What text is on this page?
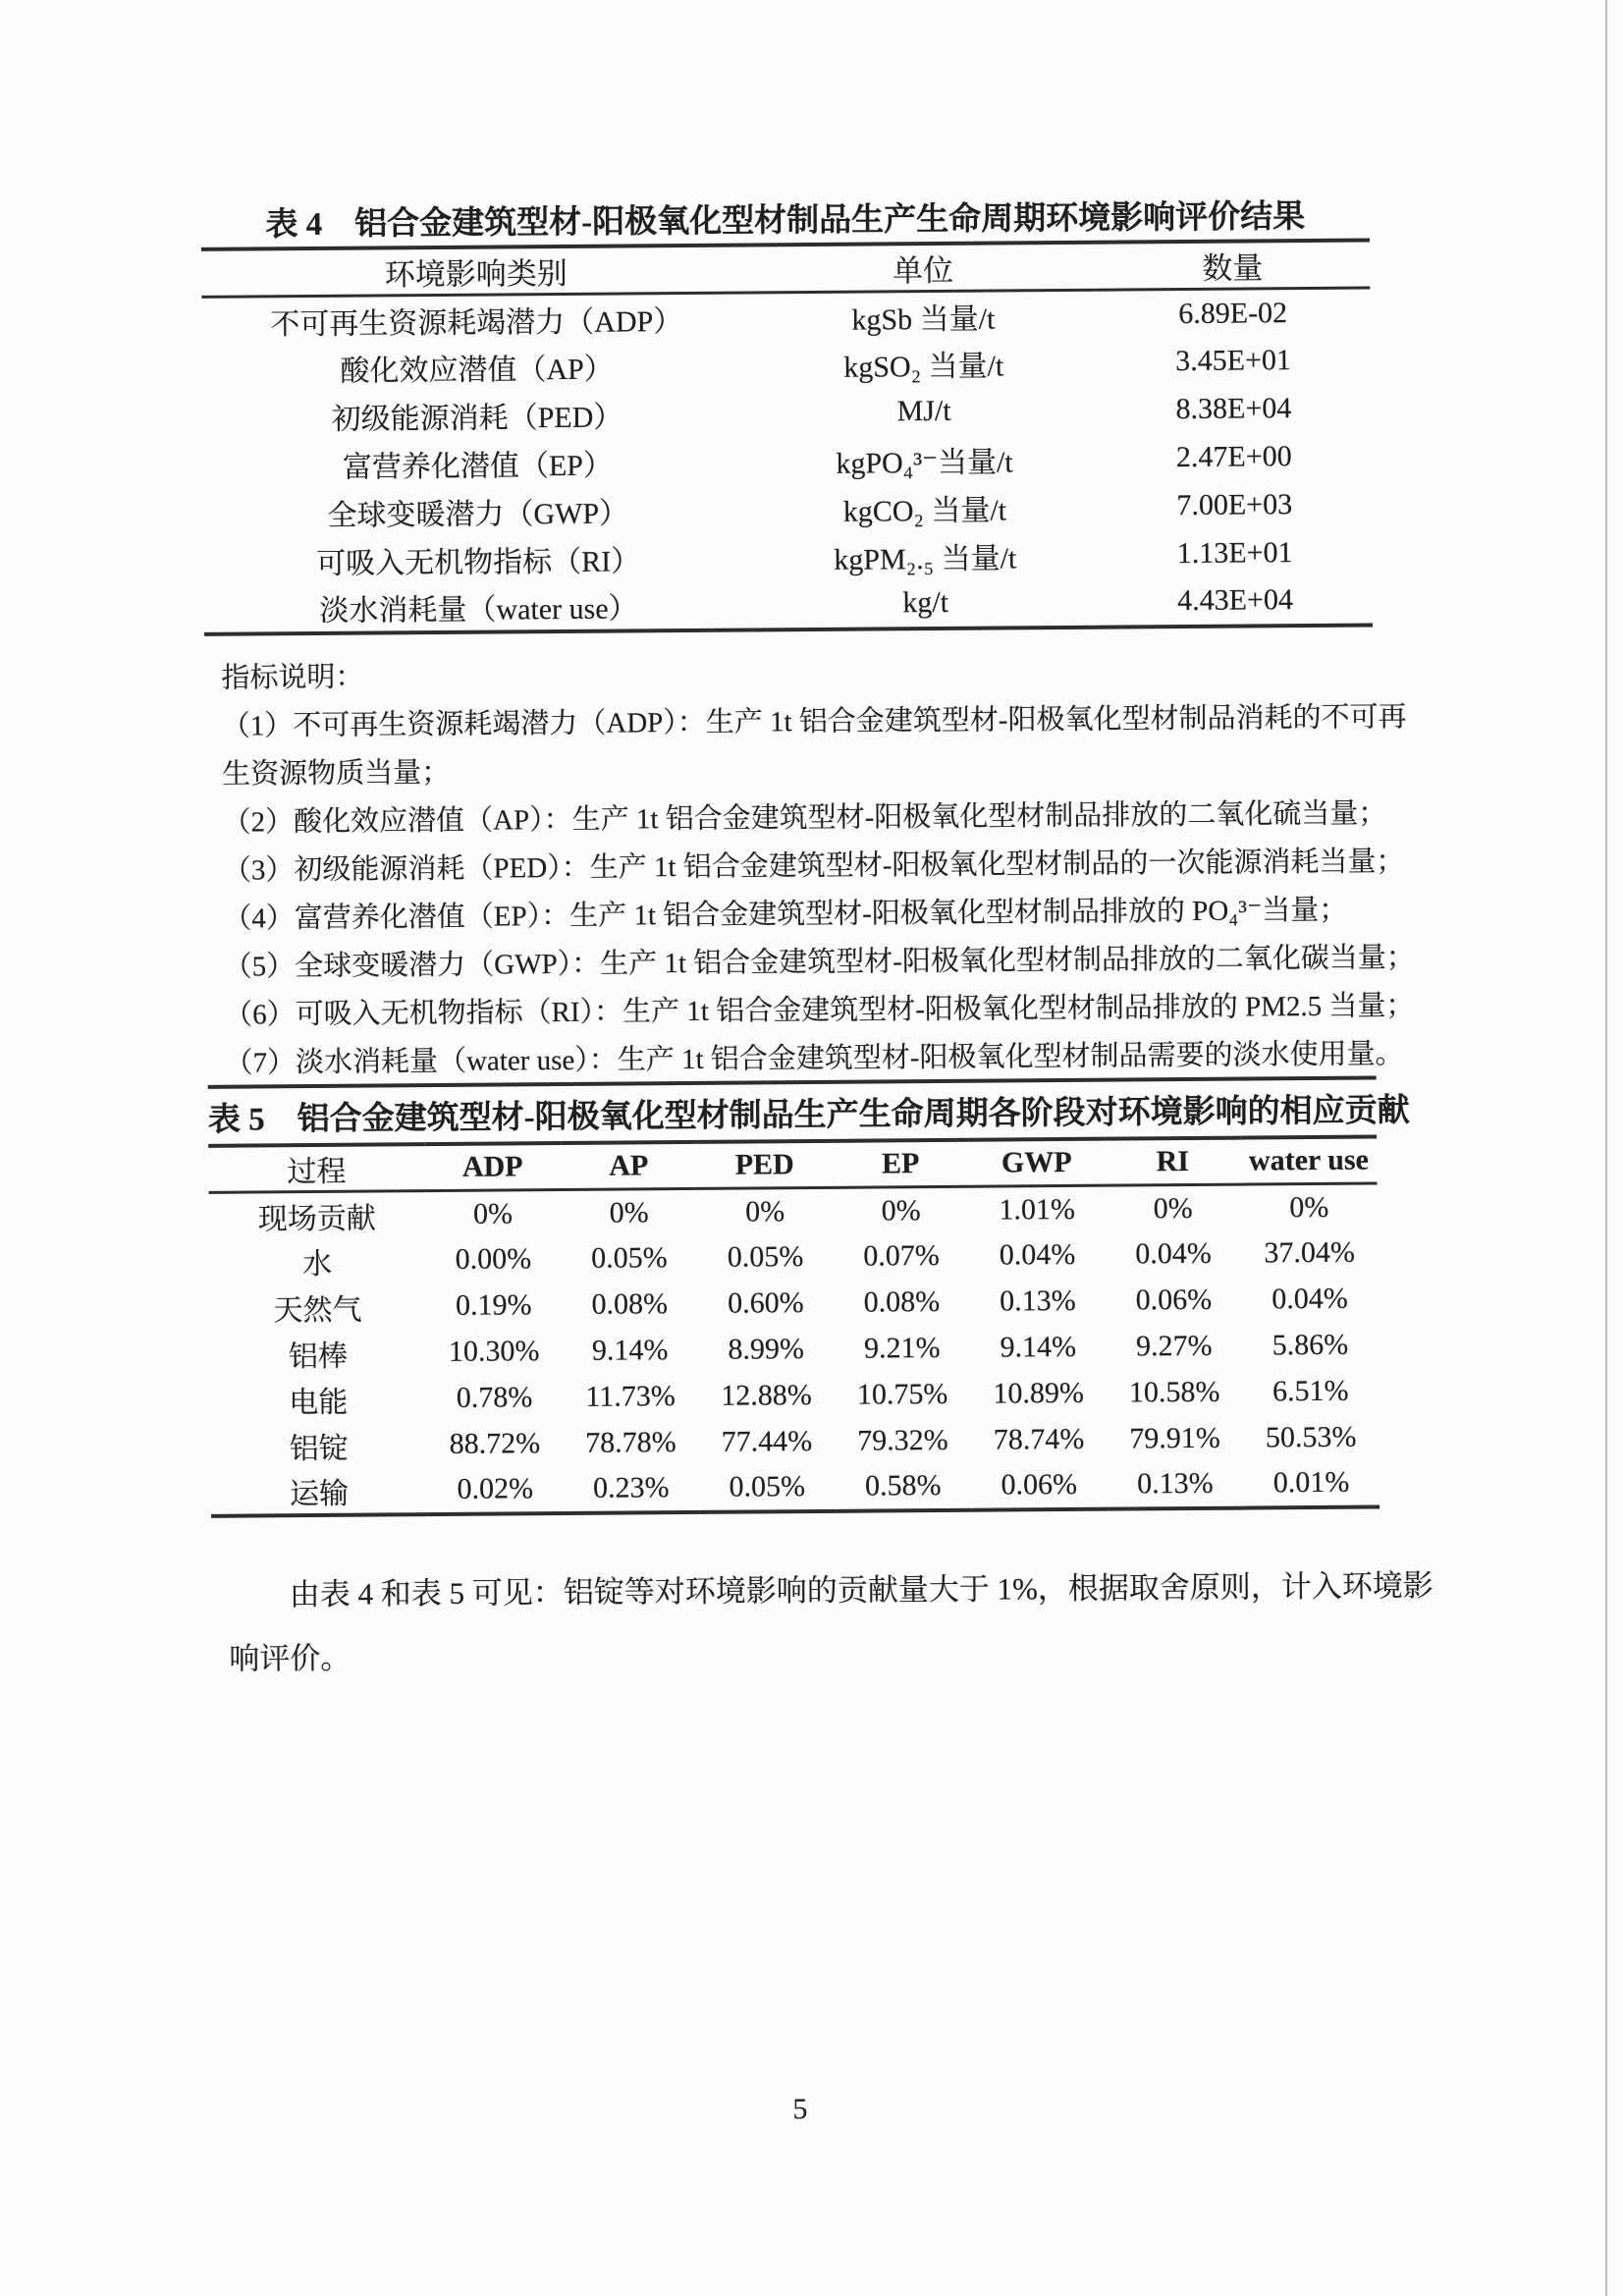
表 4　铝合金建筑型材-阳极氧化型材制品生产生命周期环境影响评价结果
环境影响类别	单位	数量
不可再生资源耗竭潜力（ADP）	kgSb 当量/t	6.89E-02
酸化效应潜值（AP）	kgSO₂ 当量/t	3.45E+01
初级能源消耗（PED）	MJ/t	8.38E+04
富营养化潜值（EP）	kgPO₄³⁻当量/t	2.47E+00
全球变暖潜力（GWP）	kgCO₂ 当量/t	7.00E+03
可吸入无机物指标（RI）	kgPM₂.₅ 当量/t	1.13E+01
淡水消耗量（water use）	kg/t	4.43E+04

指标说明：

（1）不可再生资源耗竭潜力（ADP）：生产 1t 铝合金建筑型材-阳极氧化型材制品消耗的不可再生资源物质当量；

（2）酸化效应潜值（AP）：生产 1t 铝合金建筑型材-阳极氧化型材制品排放的二氧化硫当量；

（3）初级能源消耗（PED）：生产 1t 铝合金建筑型材-阳极氧化型材制品的一次能源消耗当量；

（4）富营养化潜值（EP）：生产 1t 铝合金建筑型材-阳极氧化型材制品排放的 PO₄³⁻当量；

（5）全球变暖潜力（GWP）：生产 1t 铝合金建筑型材-阳极氧化型材制品排放的二氧化碳当量；

（6）可吸入无机物指标（RI）：生产 1t 铝合金建筑型材-阳极氧化型材制品排放的 PM2.5 当量；

（7）淡水消耗量（water use）：生产 1t 铝合金建筑型材-阳极氧化型材制品需要的淡水使用量。

表 5　铝合金建筑型材-阳极氧化型材制品生产生命周期各阶段对环境影响的相应贡献
过程	ADP	AP	PED	EP	GWP	RI	water use
现场贡献	0%	0%	0%	0%	1.01%	0%	0%
水	0.00%	0.05%	0.05%	0.07%	0.04%	0.04%	37.04%
天然气	0.19%	0.08%	0.60%	0.08%	0.13%	0.06%	0.04%
铝棒	10.30%	9.14%	8.99%	9.21%	9.14%	9.27%	5.86%
电能	0.78%	11.73%	12.88%	10.75%	10.89%	10.58%	6.51%
铝锭	88.72%	78.78%	77.44%	79.32%	78.74%	79.91%	50.53%
运输	0.02%	0.23%	0.05%	0.58%	0.06%	0.13%	0.01%

由表 4 和表 5 可见：铝锭等对环境影响的贡献量大于 1%，根据取舍原则，计入环境影响评价。

5
